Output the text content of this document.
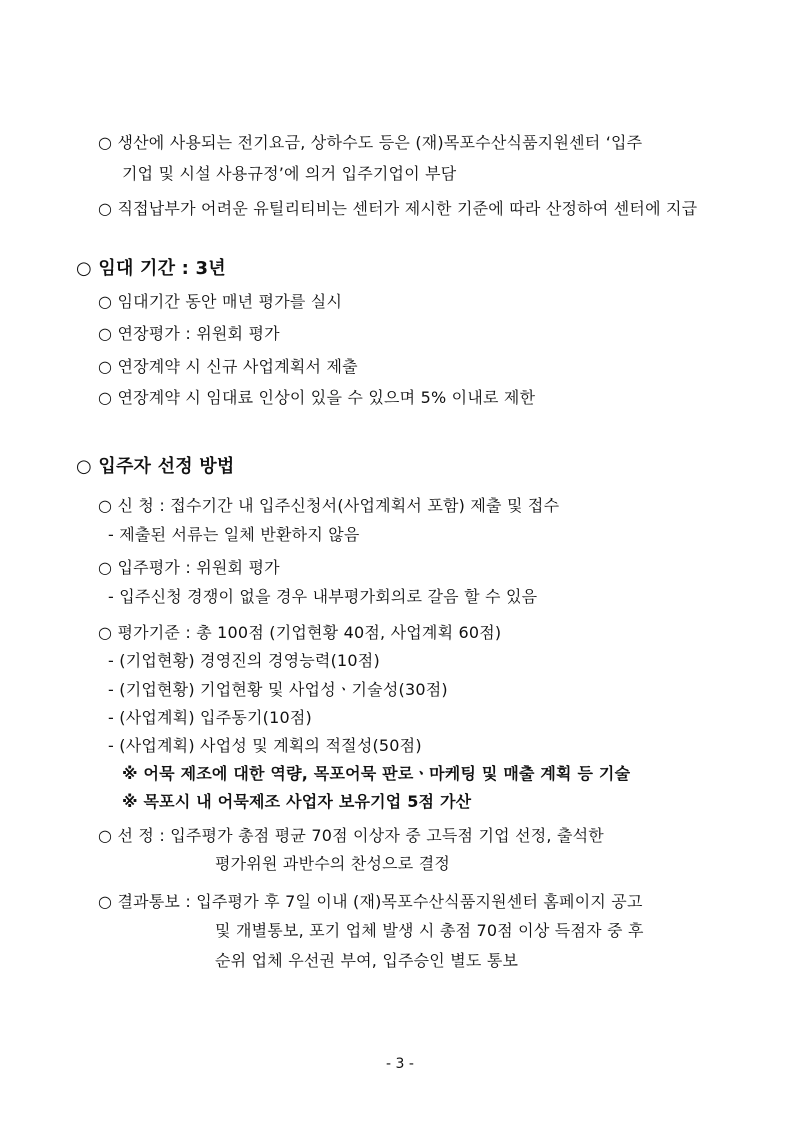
○ 생산에 사용되는 전기요금, 상하수도 등은 (재)목포수산식품지원센터 ‘입주
기업 및 시설 사용규정’에 의거 입주기업이 부담
○ 직접납부가 어려운 유틸리티비는 센터가 제시한 기준에 따라 산정하여 센터에 지급
○ 임대 기간 : 3년
○ 임대기간 동안 매년 평가를 실시
○ 연장평가 : 위원회 평가
○ 연장계약 시 신규 사업계획서 제출
○ 연장계약 시 임대료 인상이 있을 수 있으며 5% 이내로 제한
○ 입주자 선정 방법
○ 신 청 : 접수기간 내 입주신청서(사업계획서 포함) 제출 및 접수
- 제출된 서류는 일체 반환하지 않음
○ 입주평가 : 위원회 평가
- 입주신청 경쟁이 없을 경우 내부평가회의로 갈음 할 수 있음
○ 평가기준 : 총 100점 (기업현황 40점, 사업계획 60점)
- (기업현황) 경영진의 경영능력(10점)
- (기업현황) 기업현황 및 사업성ㆍ기술성(30점)
- (사업계획) 입주동기(10점)
- (사업계획) 사업성 및 계획의 적절성(50점)
※ 어묵 제조에 대한 역량, 목포어묵 판로ㆍ마케팅 및 매출 계획 등 기술
※ 목포시 내 어묵제조 사업자 보유기업 5점 가산
○ 선 정 : 입주평가 총점 평균 70점 이상자 중 고득점 기업 선정, 출석한
평가위원 과반수의 찬성으로 결정
○ 결과통보 : 입주평가 후 7일 이내 (재)목포수산식품지원센터 홈페이지 공고
및 개별통보, 포기 업체 발생 시 총점 70점 이상 득점자 중 후
순위 업체 우선권 부여, 입주승인 별도 통보
- 3 -
